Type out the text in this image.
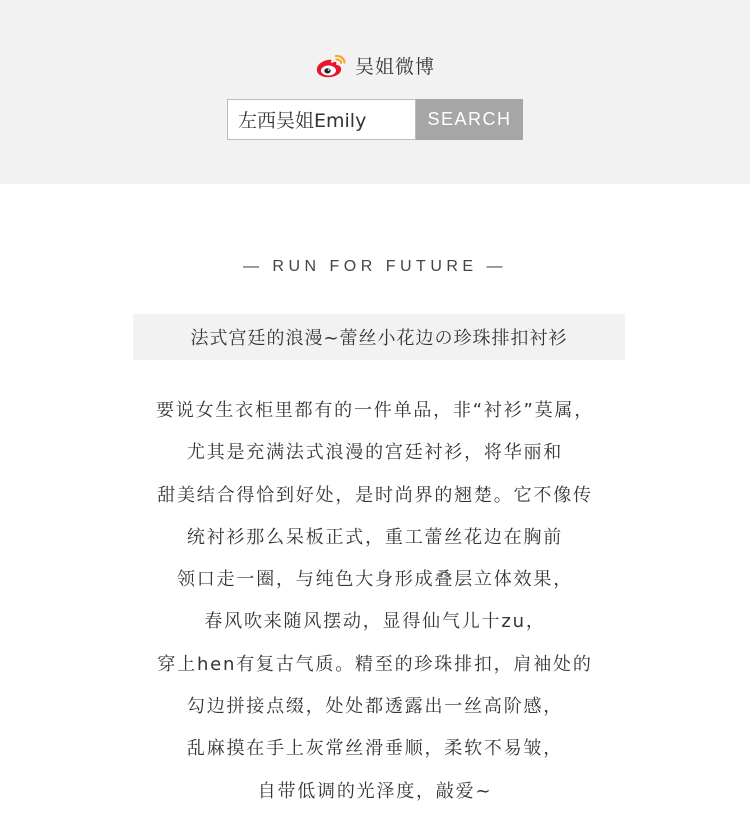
吴姐微博
左西吴姐Emily
SEARCH
— RUN FOR FUTURE —
法式宫廷的浪漫~蕾丝小花边の珍珠排扣衬衫
要说女生衣柜里都有的一件单品，非“衬衫”莫属，
尤其是充满法式浪漫的宫廷衬衫，将华丽和
甜美结合得恰到好处，是时尚界的翘楚。它不像传
统衬衫那么呆板正式，重工蕾丝花边在胸前
领口走一圈，与纯色大身形成叠层立体效果，
春风吹来随风摆动，显得仙气儿十zu，
穿上hen有复古气质。精至的珍珠排扣，肩袖处的
勾边拼接点缀，处处都透露出一丝高阶感，
乱麻摸在手上灰常丝滑垂顺，柔软不易皱，
自带低调的光泽度，敲爱~
